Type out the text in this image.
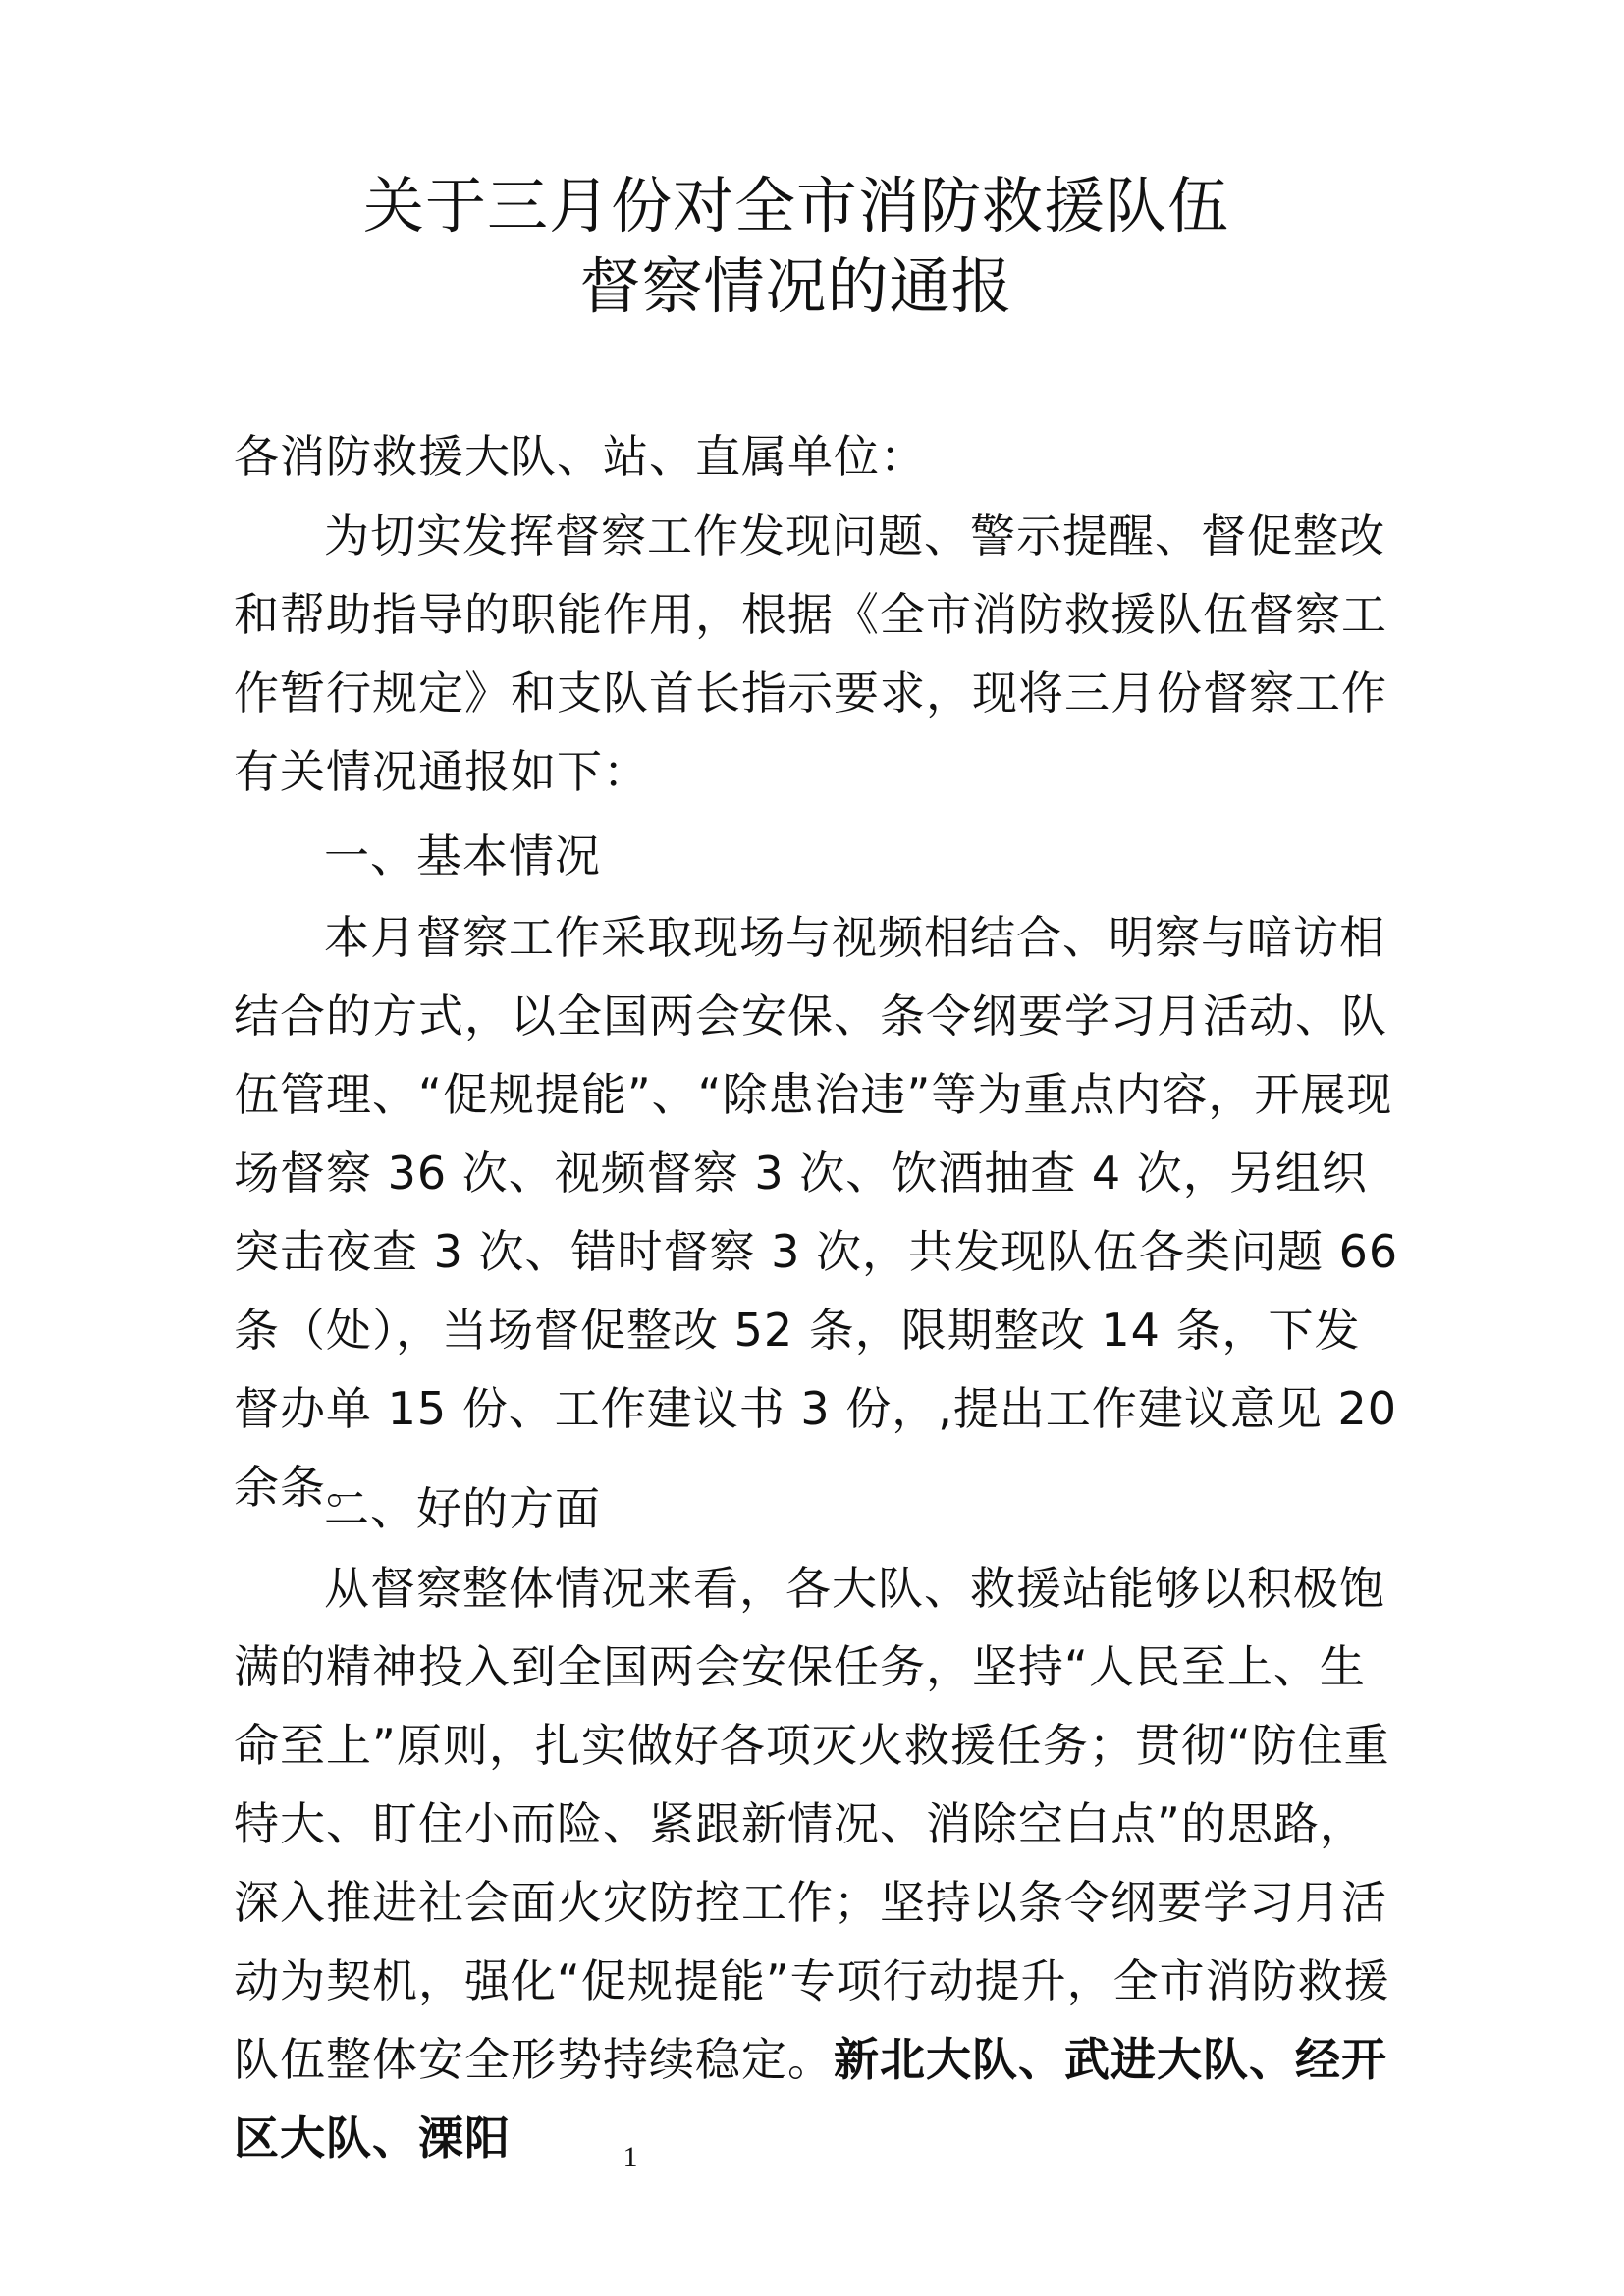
关于三月份对全市消防救援队伍
督察情况的通报
各消防救援大队、站、直属单位：
为切实发挥督察工作发现问题、警示提醒、督促整改和帮助指导的职能作用，根据《全市消防救援队伍督察工作暂行规定》和支队首长指示要求，现将三月份督察工作有关情况通报如下：
一、基本情况
本月督察工作采取现场与视频相结合、明察与暗访相结合的方式，以全国两会安保、条令纲要学习月活动、队伍管理、“促规提能”、“除患治违”等为重点内容，开展现场督察 36 次、视频督察 3 次、饮酒抽查 4 次，另组织突击夜查 3 次、错时督察 3 次，共发现队伍各类问题 66 条（处），当场督促整改 52 条，限期整改 14 条，下发督办单 15 份、工作建议书 3 份，,提出工作建议意见 20 余条。
二、好的方面
从督察整体情况来看，各大队、救援站能够以积极饱满的精神投入到全国两会安保任务，坚持“人民至上、生命至上”原则，扎实做好各项灭火救援任务；贯彻“防住重特大、盯住小而险、紧跟新情况、消除空白点”的思路，深入推进社会面火灾防控工作；坚持以条令纲要学习月活动为契机，强化“促规提能”专项行动提升，全市消防救援队伍整体安全形势持续稳定。新北大队、武进大队、经开区大队、溧阳	1
